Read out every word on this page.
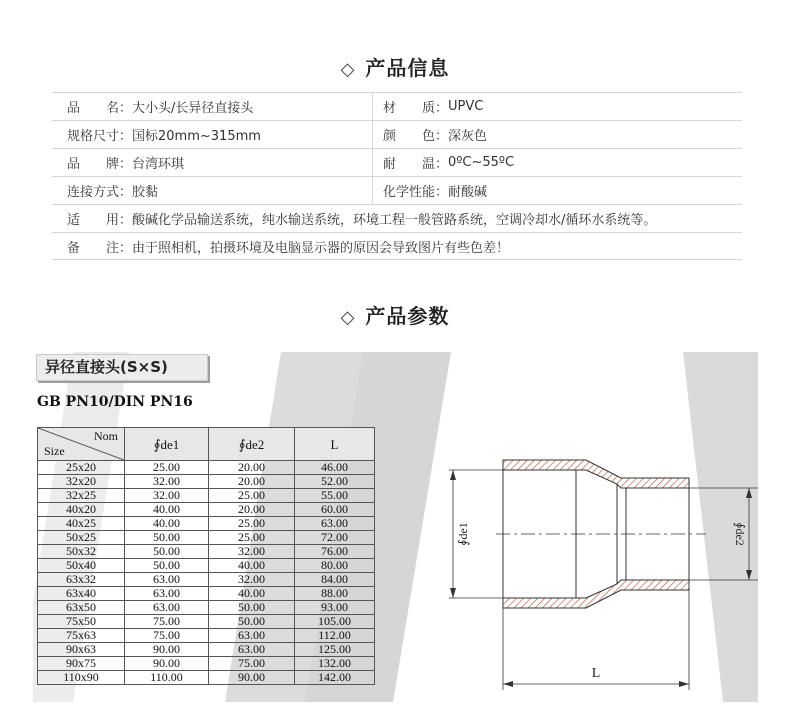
◇ 产品信息
品　　名： 大小头/长异径直接头	材　　质： UPVC
规格尺寸： 国标20mm~315mm	颜　　色： 深灰色
品　　牌： 台湾环琪	耐　　温： 0ºC~55ºC
连接方式： 胶黏	化学性能： 耐酸碱
适　　用： 酸碱化学品输送系统，纯水输送系统，环境工程一般管路系统，空调冷却水/循环水系统等。
备　　注： 由于照相机，拍摄环境及电脑显示器的原因会导致图片有些色差！
◇ 产品参数
异径直接头(S×S)
GB PN10/DIN PN16
Nom
Size	∮de1	∮de2	L
25x20	25.00	20.00	46.00
32x20	32.00	20.00	52.00
32x25	32.00	25.00	55.00
40x20	40.00	20.00	60.00
40x25	40.00	25.00	63.00
50x25	50.00	25.00	72.00
50x32	50.00	32.00	76.00
50x40	50.00	40.00	80.00
63x32	63.00	32.00	84.00
63x40	63.00	40.00	88.00
63x50	63.00	50.00	93.00
75x50	75.00	50.00	105.00
75x63	75.00	63.00	112.00
90x63	90.00	63.00	125.00
90x75	90.00	75.00	132.00
110x90	110.00	90.00	142.00
∮de1	∮de2
L
